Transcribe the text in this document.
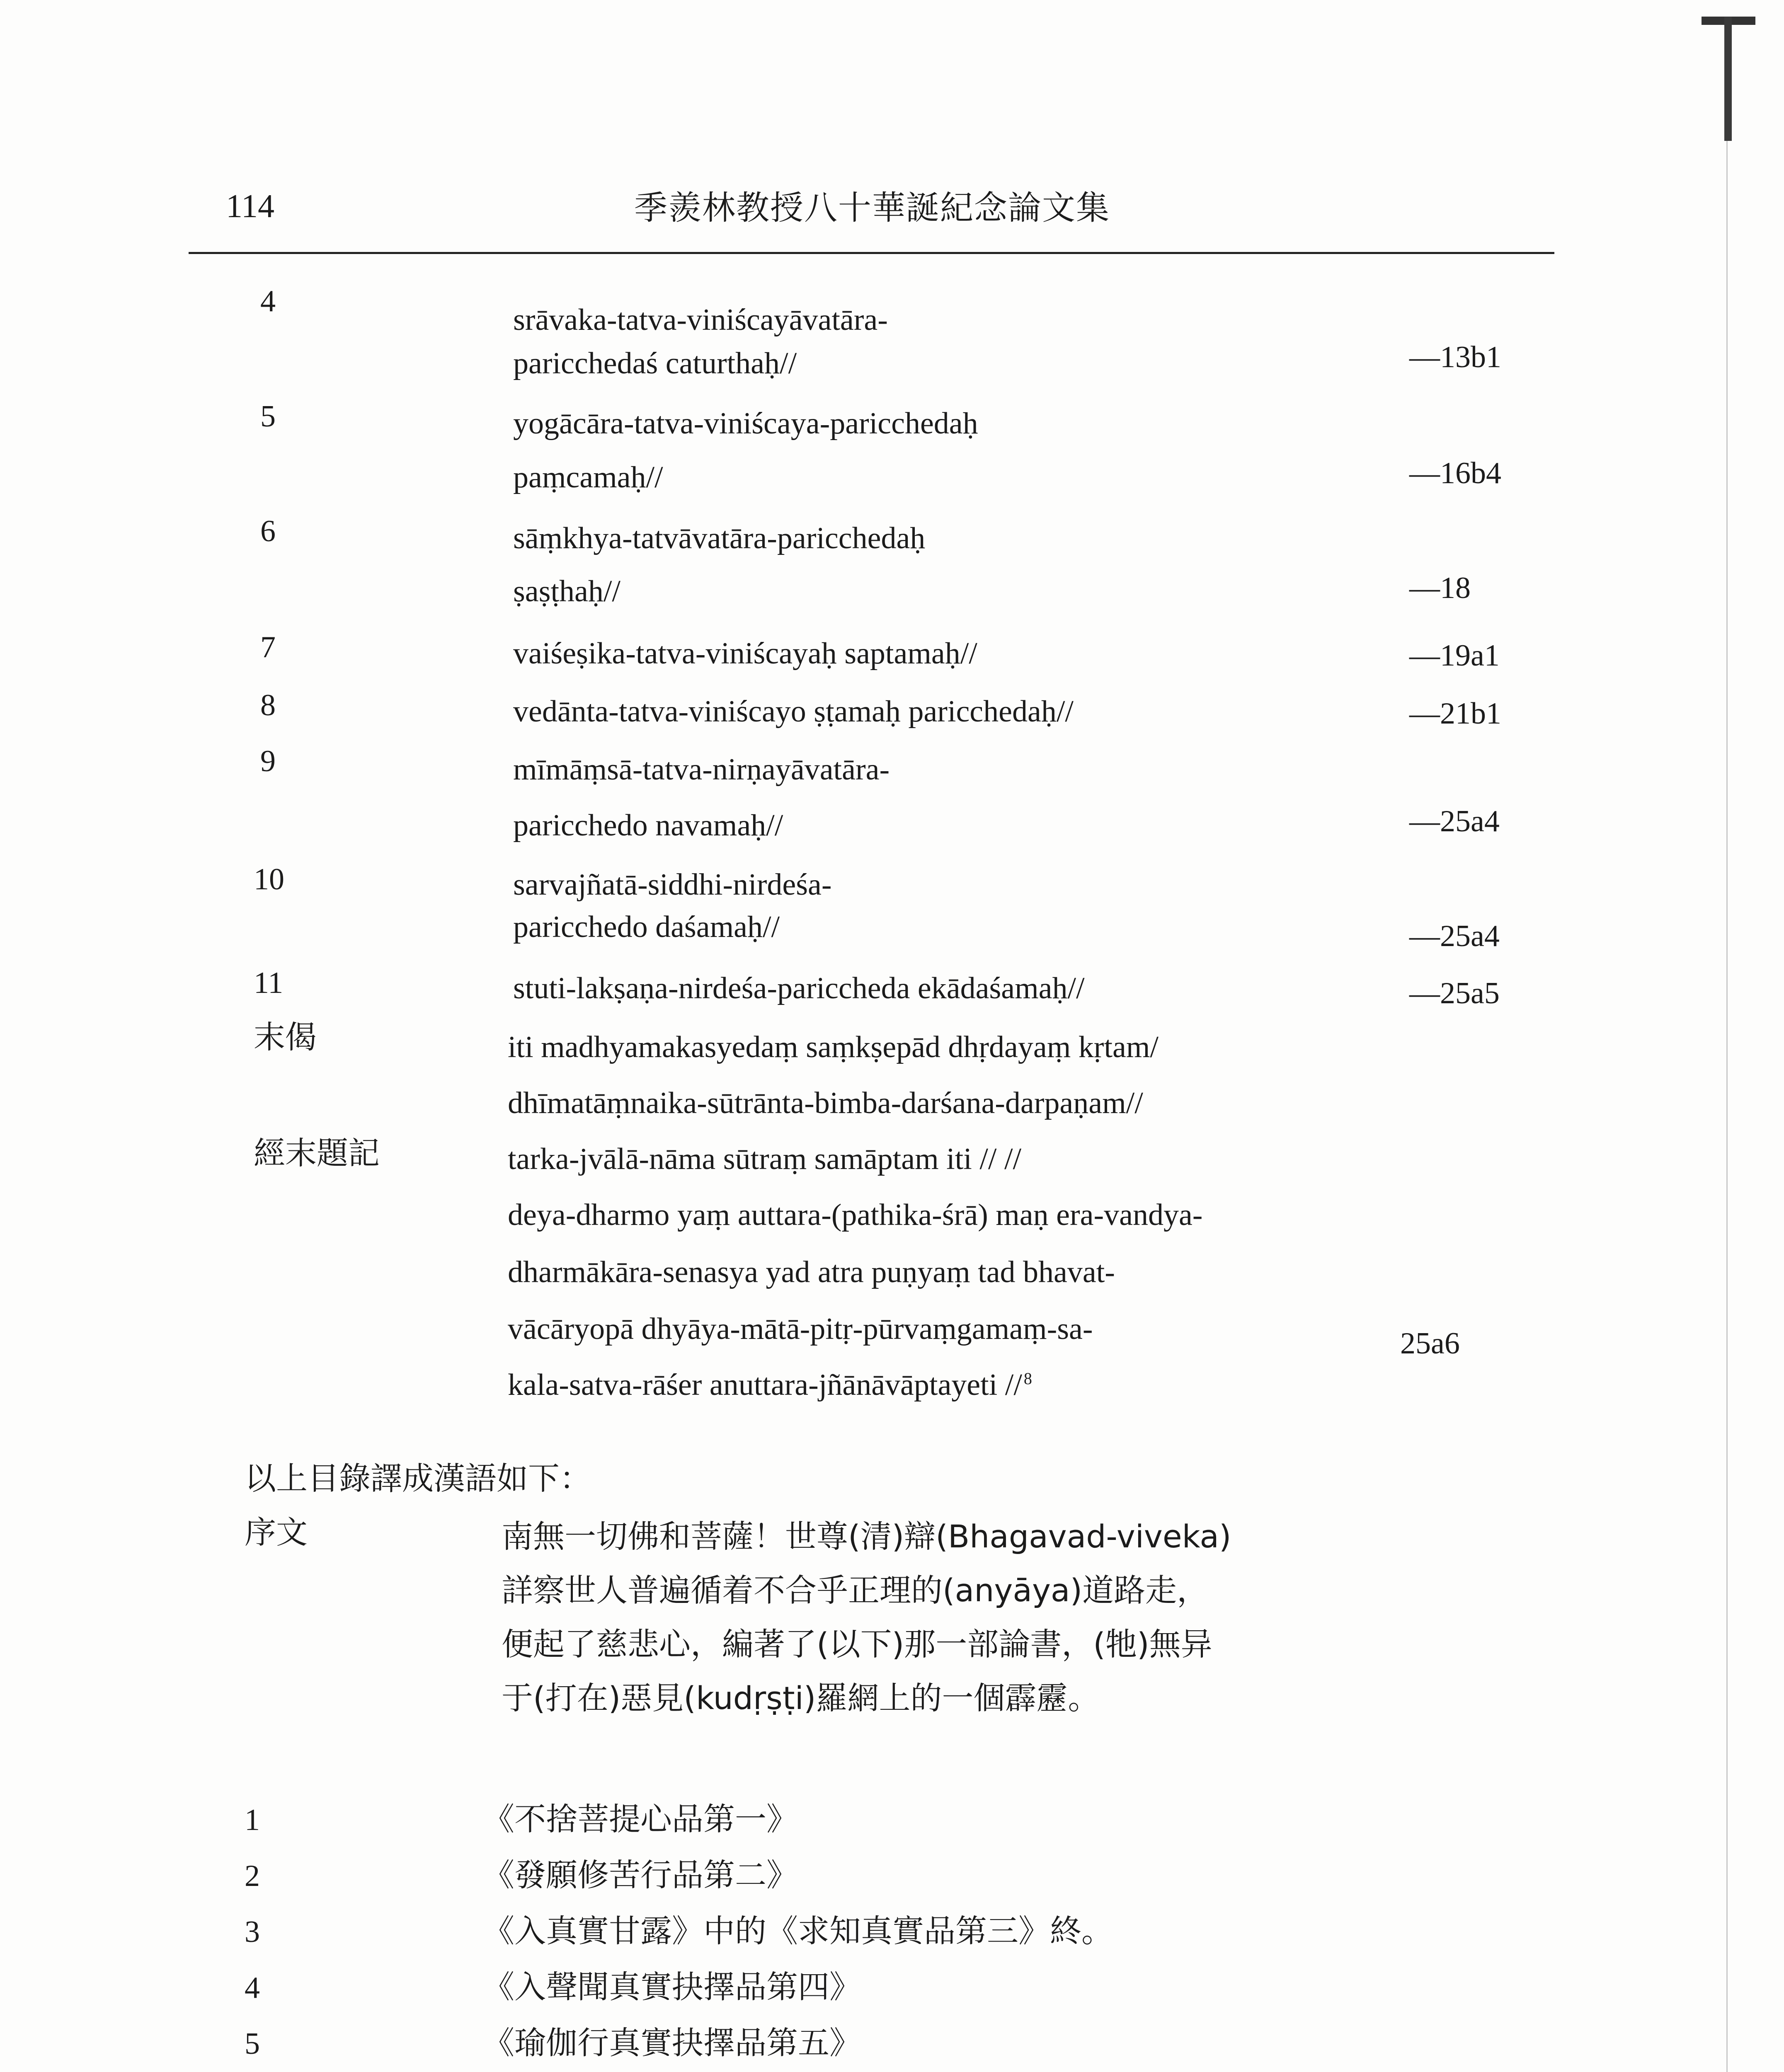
114	季羨林教授八十華誕紀念論文集
4
srāvaka-tatva-viniścayāvatāra-
paricchedaś caturthaḥ//	—13b1
5	yogācāra-tatva-viniścaya-paricchedaḥ
paṃcamaḥ//	—16b4
6	sāṃkhya-tatvāvatāra-paricchedaḥ
ṣaṣṭhaḥ//	—18
7	vaiśeṣika-tatva-viniścayaḥ saptamaḥ//	—19a1
8	vedānta-tatva-viniścayo ṣṭamaḥ paricchedaḥ//	—21b1
9	mīmāṃsā-tatva-nirṇayāvatāra-
paricchedo navamaḥ//	—25a4
10	sarvajñatā-siddhi-nirdeśa-
paricchedo daśamaḥ//	—25a4
11	stuti-lakṣaṇa-nirdeśa-pariccheda ekādaśamaḥ//	—25a5
末偈	iti madhyamakasyedaṃ saṃkṣepād dhṛdayaṃ kṛtam/
dhīmatāṃnaika-sūtrānta-bimba-darśana-darpaṇam//
經末題記	tarka-jvālā-nāma sūtraṃ samāptam iti // //
deya-dharmo yaṃ auttara-(pathika-śrā) maṇ era-vandya-
dharmākāra-senasya yad atra puṇyaṃ tad bhavat-
vācāryopā dhyāya-mātā-pitṛ-pūrvaṃgamaṃ-sa-	25a6
kala-satva-rāśer anuttara-jñānāvāptayeti // $^8$
以上目錄譯成漢語如下：
序文	南無一切佛和菩薩！世尊(清)辯(Bhagavad-viveka)
詳察世人普遍循着不合乎正理的(anyāya)道路走，
便起了慈悲心，編著了(以下)那一部論書，(牠)無异
于(打在)惡見(kudṛṣṭi)羅網上的一個霹靂。
1	《不捨菩提心品第一》
2	《發願修苦行品第二》
3	《入真實甘露》中的《求知真實品第三》終。
4	《入聲聞真實抉擇品第四》
5	《瑜伽行真實抉擇品第五》
